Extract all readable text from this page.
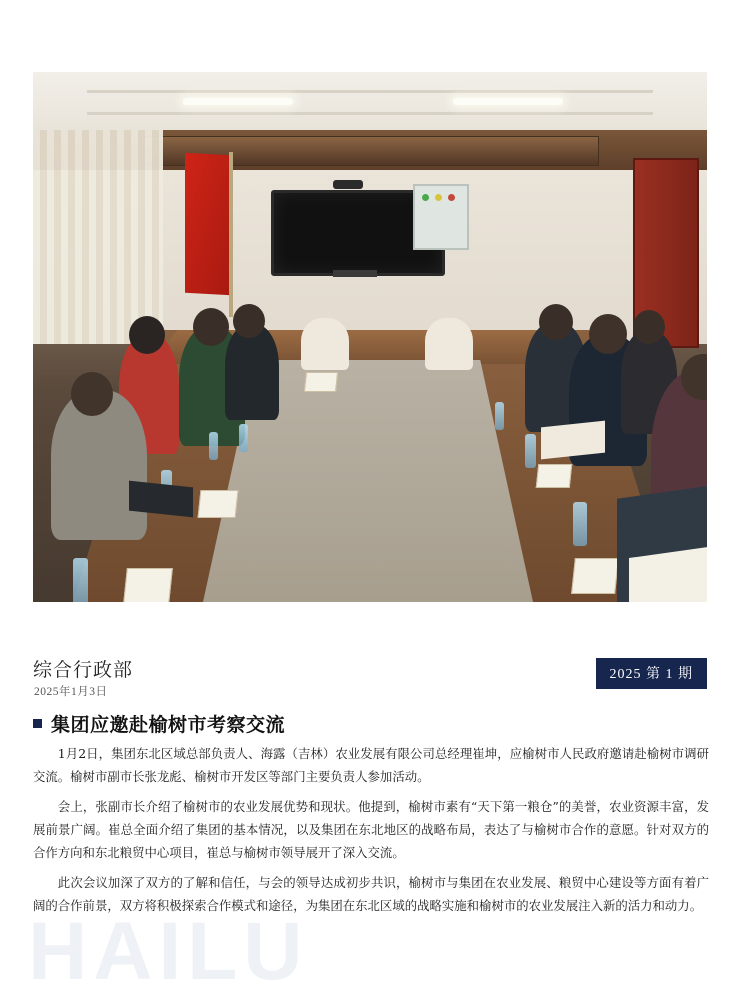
综合行政部
2025年1月3日
2025 第 1 期
集团应邀赴榆树市考察交流

1月2日，集团东北区域总部负责人、海露（吉林）农业发展有限公司总经理崔坤，应榆树市人民政府邀请赴榆树市调研交流。榆树市副市长张龙彪、榆树市开发区等部门主要负责人参加活动。

会上，张副市长介绍了榆树市的农业发展优势和现状。他提到，榆树市素有“天下第一粮仓”的美誉，农业资源丰富，发展前景广阔。崔总全面介绍了集团的基本情况，以及集团在东北地区的战略布局，表达了与榆树市合作的意愿。针对双方的合作方向和东北粮贸中心项目，崔总与榆树市领导展开了深入交流。

此次会议加深了双方的了解和信任，与会的领导达成初步共识，榆树市与集团在农业发展、粮贸中心建设等方面有着广阔的合作前景，双方将积极探索合作模式和途径，为集团在东北区域的战略实施和榆树市的农业发展注入新的活力和动力。

HAILU
